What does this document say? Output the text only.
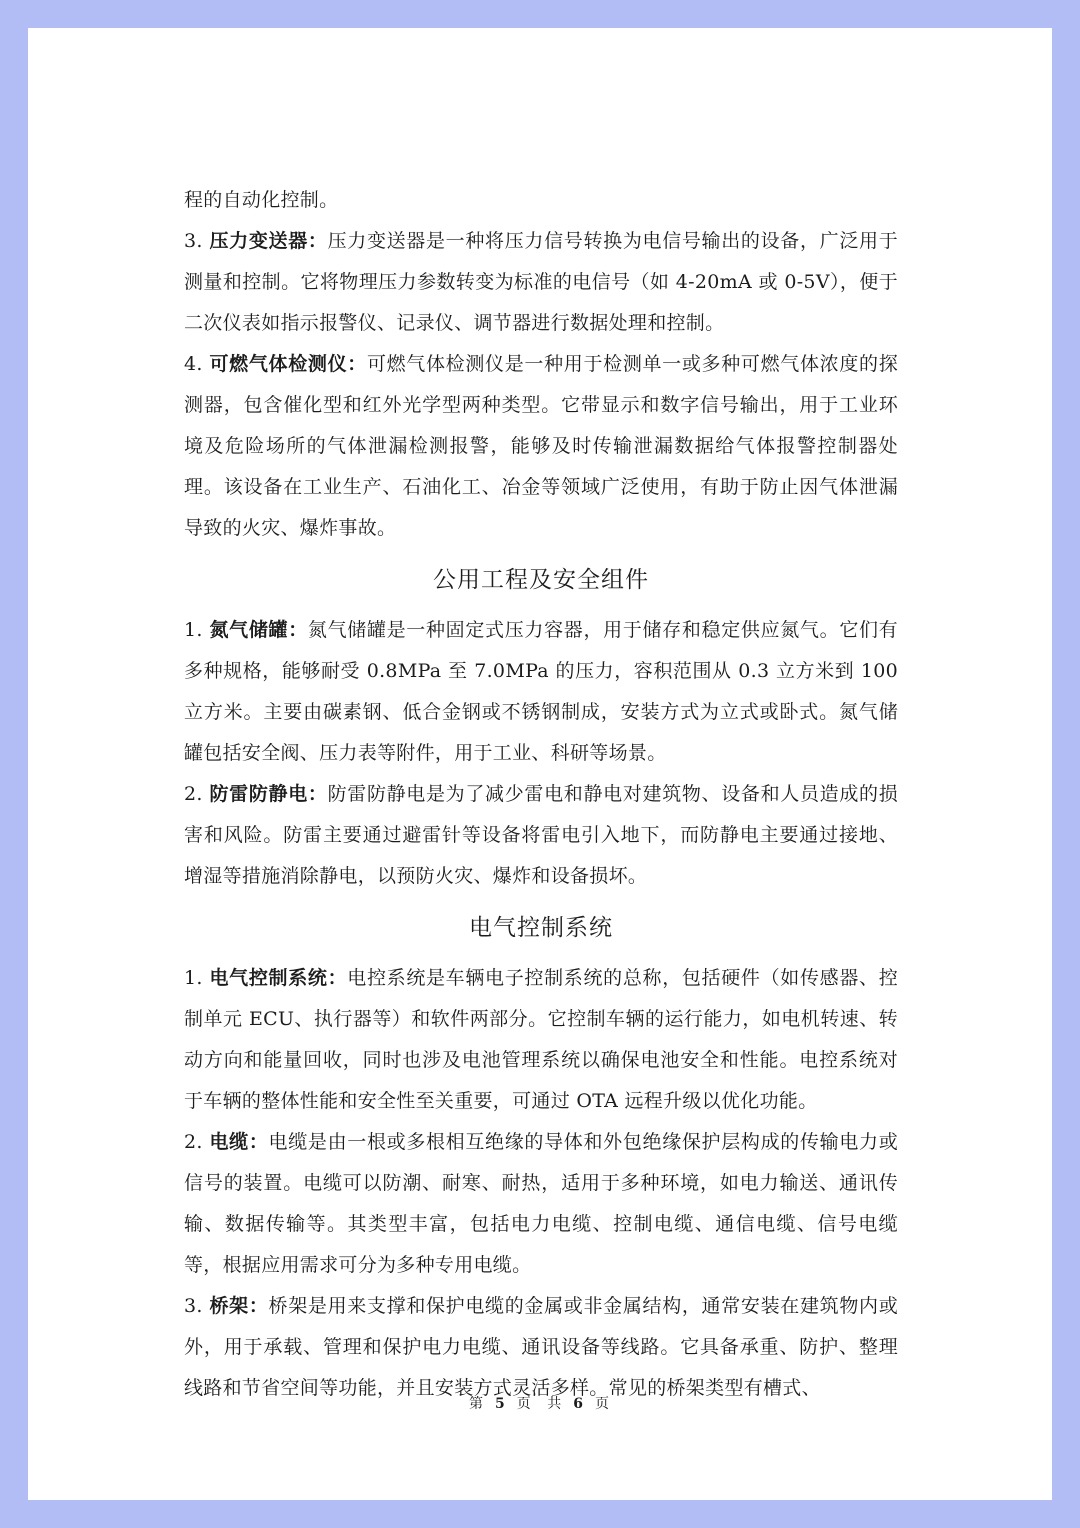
程的自动化控制。

3. 压力变送器：压力变送器是一种将压力信号转换为电信号输出的设备，广泛用于测量和控制。它将物理压力参数转变为标准的电信号（如 4-20mA 或 0-5V），便于二次仪表如指示报警仪、记录仪、调节器进行数据处理和控制。

4. 可燃气体检测仪：可燃气体检测仪是一种用于检测单一或多种可燃气体浓度的探测器，包含催化型和红外光学型两种类型。它带显示和数字信号输出，用于工业环境及危险场所的气体泄漏检测报警，能够及时传输泄漏数据给气体报警控制器处理。该设备在工业生产、石油化工、冶金等领域广泛使用，有助于防止因气体泄漏导致的火灾、爆炸事故。

公用工程及安全组件

1. 氮气储罐：氮气储罐是一种固定式压力容器，用于储存和稳定供应氮气。它们有多种规格，能够耐受 0.8MPa 至 7.0MPa 的压力，容积范围从 0.3 立方米到 100 立方米。主要由碳素钢、低合金钢或不锈钢制成，安装方式为立式或卧式。氮气储罐包括安全阀、压力表等附件，用于工业、科研等场景。

2. 防雷防静电：防雷防静电是为了减少雷电和静电对建筑物、设备和人员造成的损害和风险。防雷主要通过避雷针等设备将雷电引入地下，而防静电主要通过接地、增湿等措施消除静电，以预防火灾、爆炸和设备损坏。

电气控制系统

1. 电气控制系统：电控系统是车辆电子控制系统的总称，包括硬件（如传感器、控制单元 ECU、执行器等）和软件两部分。它控制车辆的运行能力，如电机转速、转动方向和能量回收，同时也涉及电池管理系统以确保电池安全和性能。电控系统对于车辆的整体性能和安全性至关重要，可通过 OTA 远程升级以优化功能。

2. 电缆：电缆是由一根或多根相互绝缘的导体和外包绝缘保护层构成的传输电力或信号的装置。电缆可以防潮、耐寒、耐热，适用于多种环境，如电力输送、通讯传输、数据传输等。其类型丰富，包括电力电缆、控制电缆、通信电缆、信号电缆等，根据应用需求可分为多种专用电缆。

3. 桥架：桥架是用来支撑和保护电缆的金属或非金属结构，通常安装在建筑物内或外，用于承载、管理和保护电力电缆、通讯设备等线路。它具备承重、防护、整理线路和节省空间等功能，并且安装方式灵活多样。常见的桥架类型有槽式、

第 5 页 共 6 页
